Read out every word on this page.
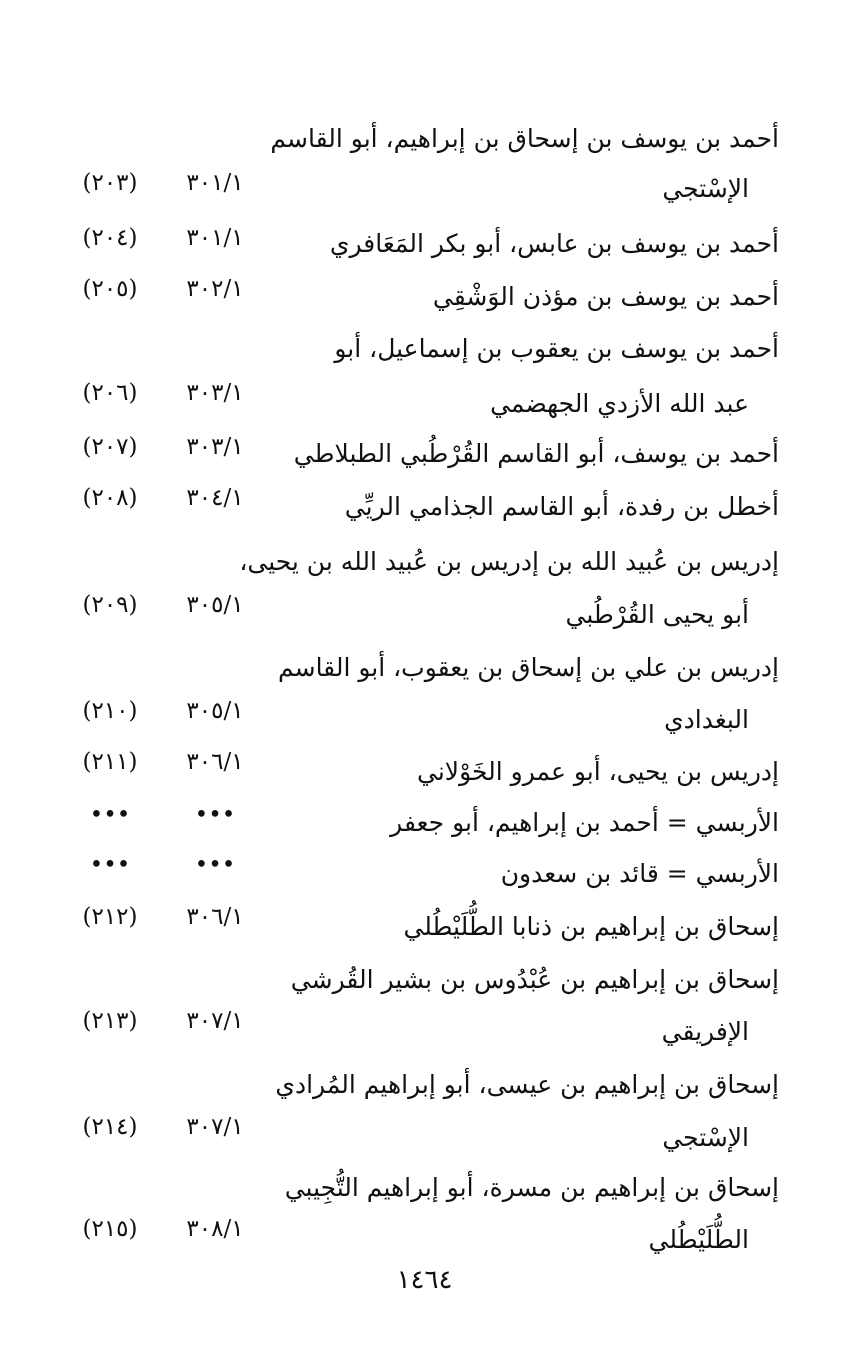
أحمد بن يوسف بن إسحاق بن إبراهيم، أبو القاسم
الإسْتجي
٣٠١/١
(٢٠٣)
أحمد بن يوسف بن عابس، أبو بكر المَعَافري
٣٠١/١
(٢٠٤)
أحمد بن يوسف بن مؤذن الوَشْقِي
٣٠٢/١
(٢٠٥)
أحمد بن يوسف بن يعقوب بن إسماعيل، أبو
عبد الله الأزدي الجهضمي
٣٠٣/١
(٢٠٦)
أحمد بن يوسف، أبو القاسم القُرْطُبي الطبلاطي
٣٠٣/١
(٢٠٧)
أخطل بن رفدة، أبو القاسم الجذامي الريِّي
٣٠٤/١
(٢٠٨)
إدريس بن عُبيد الله بن إدريس بن عُبيد الله بن يحيى،
أبو يحيى القُرْطُبي
٣٠٥/١
(٢٠٩)
إدريس بن علي بن إسحاق بن يعقوب، أبو القاسم
البغدادي
٣٠٥/١
(٢١٠)
إدريس بن يحيى، أبو عمرو الخَوْلاني
٣٠٦/١
(٢١١)
الأربسي = أحمد بن إبراهيم، أبو جعفر
•••
•••
الأربسي = قائد بن سعدون
•••
•••
إسحاق بن إبراهيم بن ذنابا الطُّلَيْطُلي
٣٠٦/١
(٢١٢)
إسحاق بن إبراهيم بن عُبْدُوس بن بشير القُرشي
الإفريقي
٣٠٧/١
(٢١٣)
إسحاق بن إبراهيم بن عيسى، أبو إبراهيم المُرادي
الإسْتجي
٣٠٧/١
(٢١٤)
إسحاق بن إبراهيم بن مسرة، أبو إبراهيم التُّجِيبي
الطُّلَيْطُلي
٣٠٨/١
(٢١٥)
١٤٦٤
